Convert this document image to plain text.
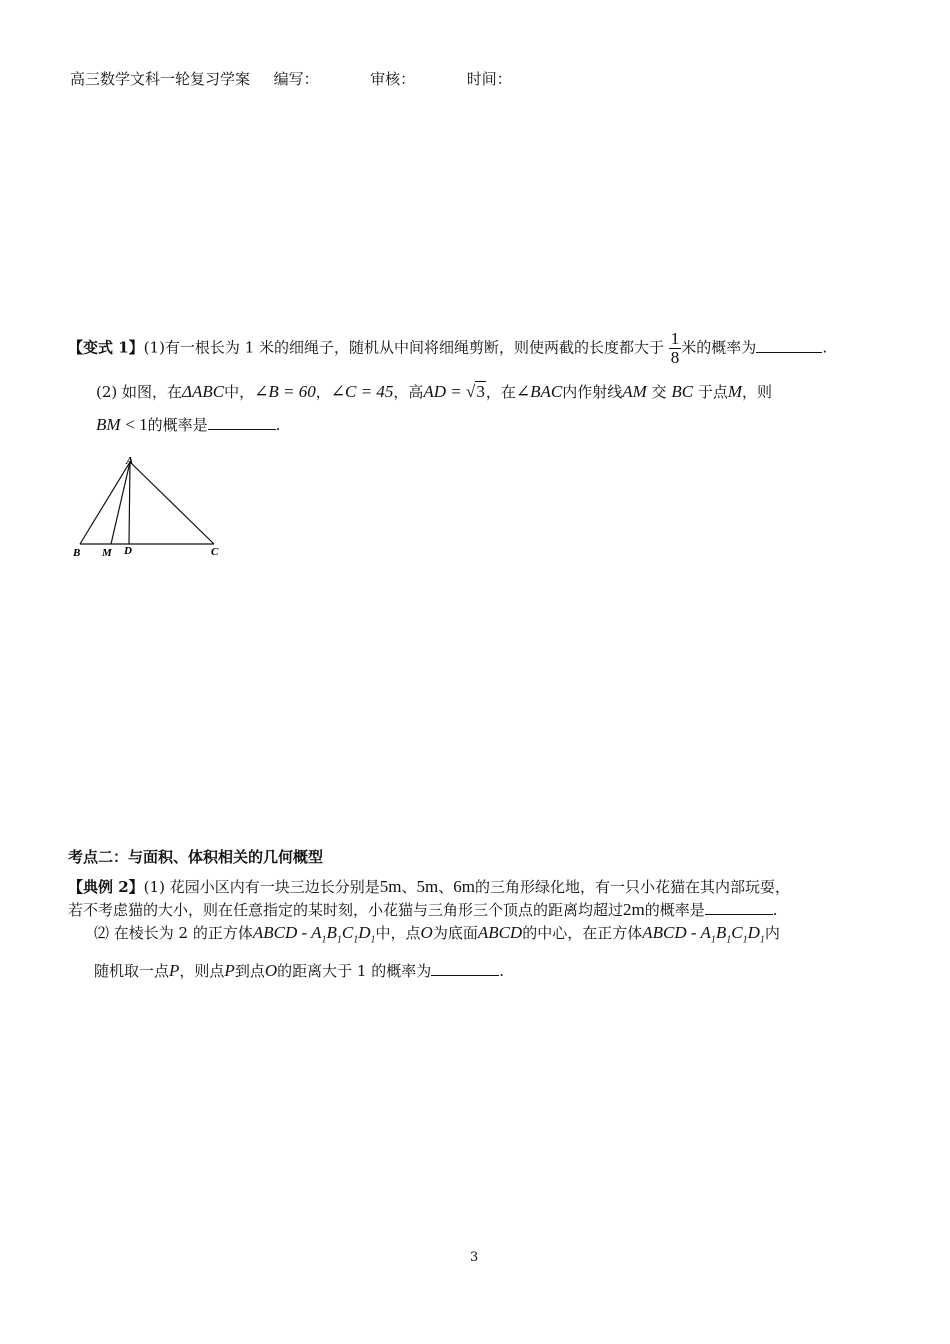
高三数学文科一轮复习学案 编写：	审核：	时间：
【变式 1】(1)有一根长为 1 米的细绳子，随机从中间将细绳剪断，则使两截的长度都大于 $\frac{1}{8}$ 米的概率为	.
(2) 如图，在ΔABC中，∠B = 60，∠C = 45，高AD = √3，在∠BAC内作射线AM 交 BC 于点M，则
BM < 1的概率是	.
A
B M D	C
考点二：与面积、体积相关的几何概型
【典例 2】(1) 花园小区内有一块三边长分别是5m、5m、6m的三角形绿化地，有一只小花猫在其内部玩耍，
若不考虑猫的大小，则在任意指定的某时刻，小花猫与三角形三个顶点的距离均超过2m的概率是	.
⑵ 在棱长为 2 的正方体ABCD - $A_1B_1C_1D_1$中，点O为底面ABCD的中心，在正方体ABCD - $A_1B_1C_1D_1$内
随机取一点P，则点P到点O的距离大于 1 的概率为	.
3
